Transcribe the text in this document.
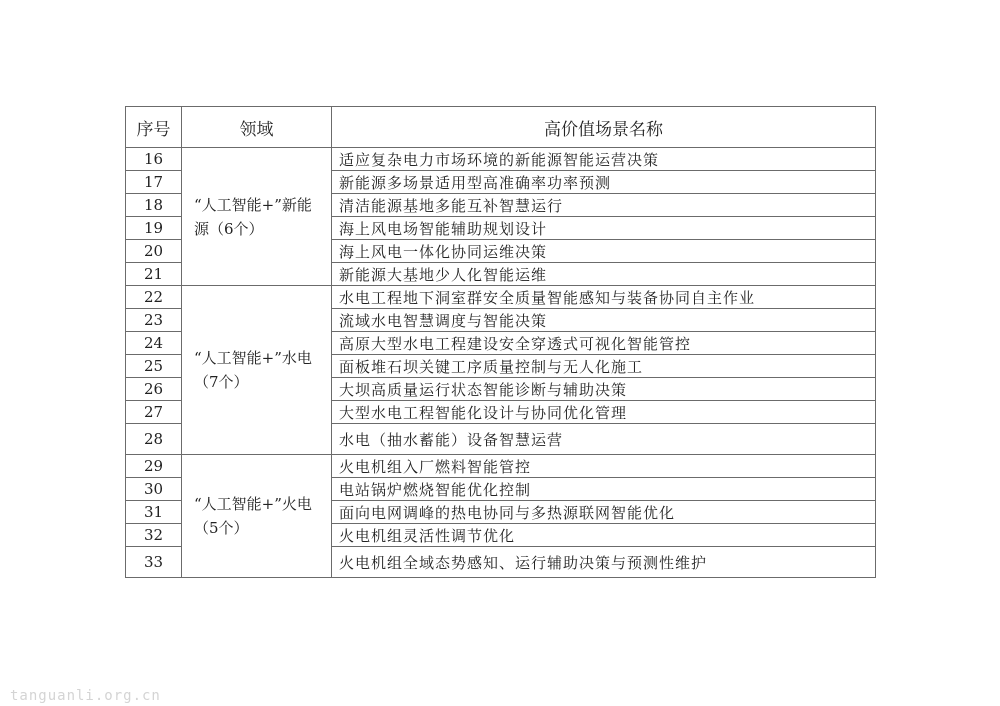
序号	领域	高价值场景名称
16	“人工智能+”新能源（6个）	适应复杂电力市场环境的新能源智能运营决策
17		新能源多场景适用型高准确率功率预测
18		清洁能源基地多能互补智慧运行
19		海上风电场智能辅助规划设计
20		海上风电一体化协同运维决策
21		新能源大基地少人化智能运维
22	“人工智能+”水电（7个）	水电工程地下洞室群安全质量智能感知与装备协同自主作业
23		流域水电智慧调度与智能决策
24		高原大型水电工程建设安全穿透式可视化智能管控
25		面板堆石坝关键工序质量控制与无人化施工
26		大坝高质量运行状态智能诊断与辅助决策
27		大型水电工程智能化设计与协同优化管理
28		水电（抽水蓄能）设备智慧运营
29	“人工智能+”火电（5个）	火电机组入厂燃料智能管控
30		电站锅炉燃烧智能优化控制
31		面向电网调峰的热电协同与多热源联网智能优化
32		火电机组灵活性调节优化
33		火电机组全域态势感知、运行辅助决策与预测性维护
tanguanli.org.cn
